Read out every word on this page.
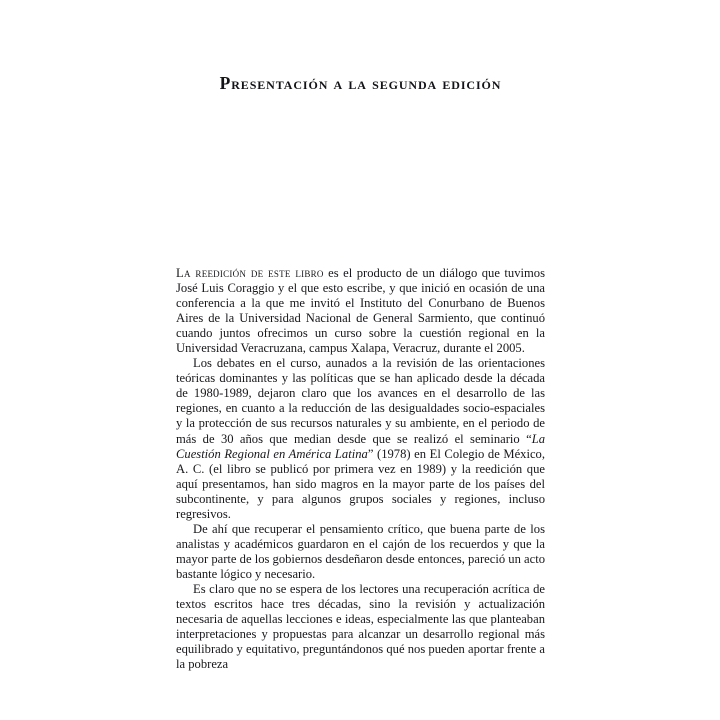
Presentación a la segunda edición

La reedición de este libro es el producto de un diálogo que tuvimos José Luis Coraggio y el que esto escribe, y que inició en ocasión de una conferencia a la que me invitó el Instituto del Conurbano de Buenos Aires de la Universidad Nacional de General Sarmiento, que continuó cuando juntos ofrecimos un curso sobre la cuestión regional en la Universidad Veracruzana, campus Xalapa, Veracruz, durante el 2005.

Los debates en el curso, aunados a la revisión de las orientaciones teóricas dominantes y las políticas que se han aplicado desde la década de 1980-1989, dejaron claro que los avances en el desarrollo de las regiones, en cuanto a la reducción de las desigualdades socio-espaciales y la protección de sus recursos naturales y su ambiente, en el periodo de más de 30 años que median desde que se realizó el seminario “La Cuestión Regional en América Latina” (1978) en El Colegio de México, A. C. (el libro se publicó por primera vez en 1989) y la reedición que aquí presentamos, han sido magros en la mayor parte de los países del subcontinente, y para algunos grupos sociales y regiones, incluso regresivos.

De ahí que recuperar el pensamiento crítico, que buena parte de los analistas y académicos guardaron en el cajón de los recuerdos y que la mayor parte de los gobiernos desdeñaron desde entonces, pareció un acto bastante lógico y necesario.

Es claro que no se espera de los lectores una recuperación acrítica de textos escritos hace tres décadas, sino la revisión y actualización necesaria de aquellas lecciones e ideas, especialmente las que planteaban interpretaciones y propuestas para alcanzar un desarrollo regional más equilibrado y equitativo, preguntándonos qué nos pueden aportar frente a la pobreza
